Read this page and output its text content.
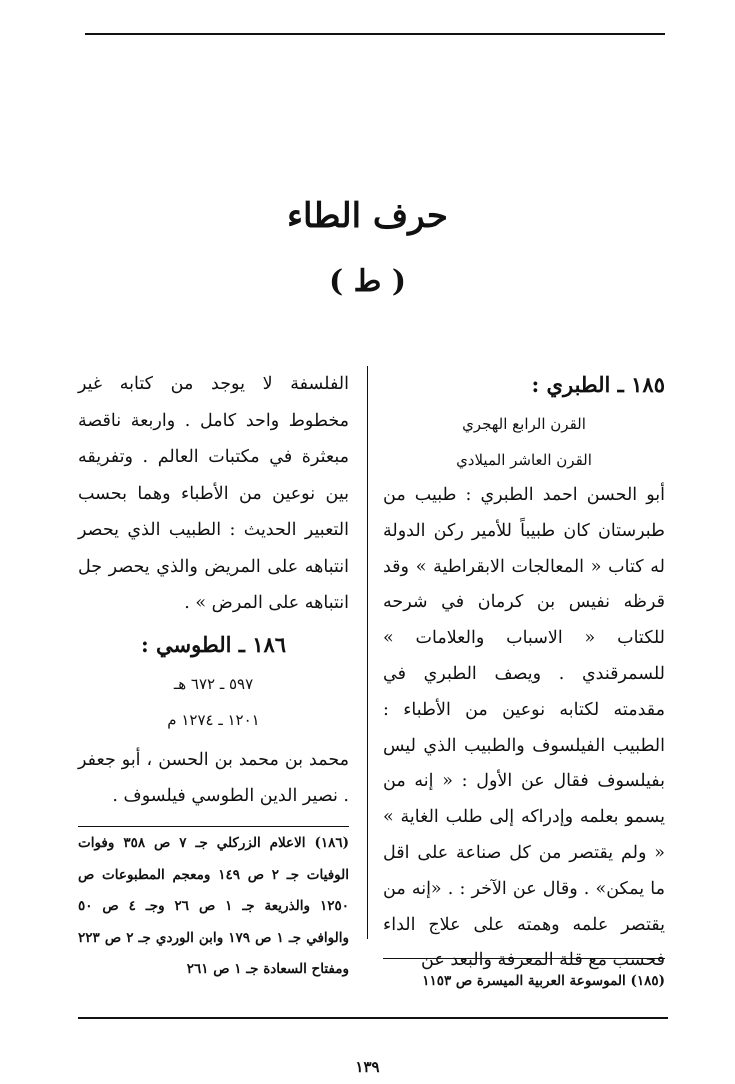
حرف الطاء
( ط )
١٨٥ ـ الطبري :
القرن الرابع الهجري
القرن العاشر الميلادي

أبو الحسن احمد الطبري : طبيب من طبرستان كان طبيباً للأمير ركن الدولة له كتاب « المعالجات الابقراطية » وقد قرظه نفيس بن كرمان في شرحه للكتاب « الاسباب والعلامات » للسمرقندي . ويصف الطبري في مقدمته لكتابه نوعين من الأطباء : الطبيب الفيلسوف والطبيب الذي ليس بفيلسوف فقال عن الأول : « إنه من يسمو بعلمه وإدراكه إلى طلب الغاية » « ولم يقتصر من كل صناعة على اقل ما يمكن» . وقال عن الآخر : . «إنه من يقتصر علمه وهمته على علاج الداء فحسب مع قلة المعرفة والبعد عن

الفلسفة لا يوجد من كتابه غير مخطوط واحد كامل . واربعة ناقصة مبعثرة في مكتبات العالم . وتفريقه بين نوعين من الأطباء وهما بحسب التعبير الحديث : الطبيب الذي يحصر انتباهه على المريض والذي يحصر جل انتباهه على المرض » .

١٨٦ ـ الطوسي :
٥٩٧ ـ ٦٧٢ هـ
١٢٠١ ـ ١٢٧٤ م

محمد بن محمد بن الحسن ، أبو جعفر . نصير الدين الطوسي فيلسوف .

(١٨٦) الاعلام الزركلي جـ ٧ ص ٣٥٨ وفوات الوفيات جـ ٢ ص ١٤٩ ومعجم المطبوعات ص ١٢٥٠ والذريعة جـ ١ ص ٢٦ وجـ ٤ ص ٥٠ والوافي جـ ١ ص ١٧٩ وابن الوردي جـ ٢ ص ٢٢٣ ومفتاح السعادة جـ ١ ص ٢٦١
(١٨٥) الموسوعة العربية الميسرة ص ١١٥٣
١٣٩
